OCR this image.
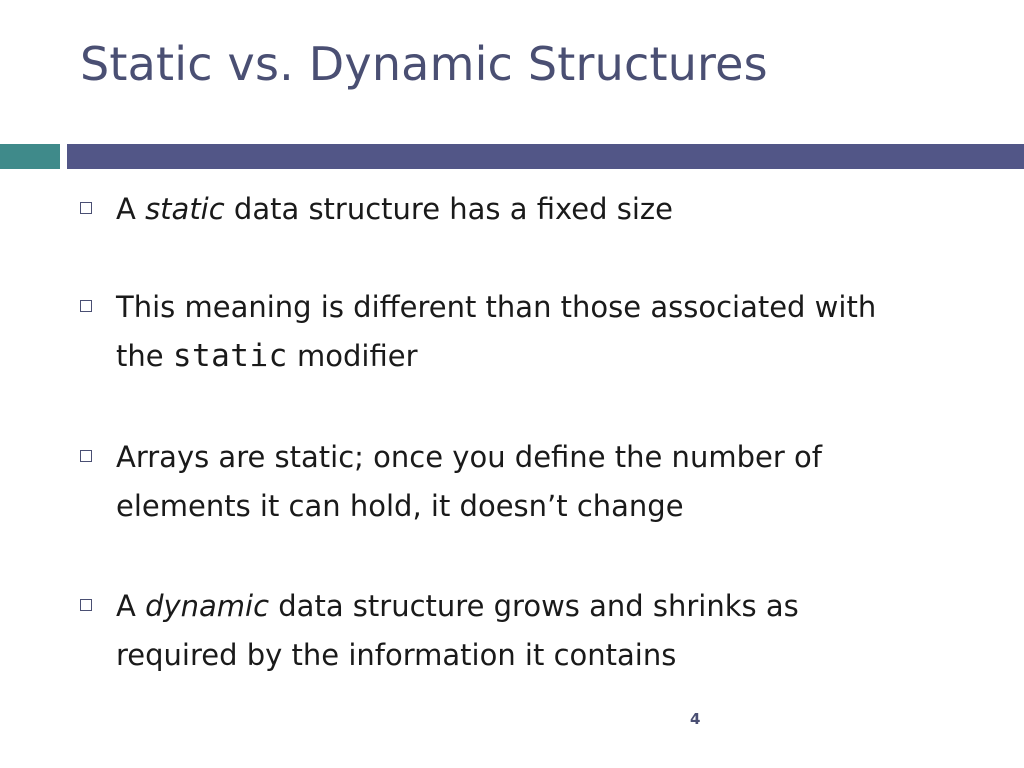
Static vs. Dynamic Structures
A static data structure has a fixed size
This meaning is different than those associated with
the static modifier
Arrays are static; once you define the number of
elements it can hold, it doesn’t change
A dynamic data structure grows and shrinks as
required by the information it contains
4
